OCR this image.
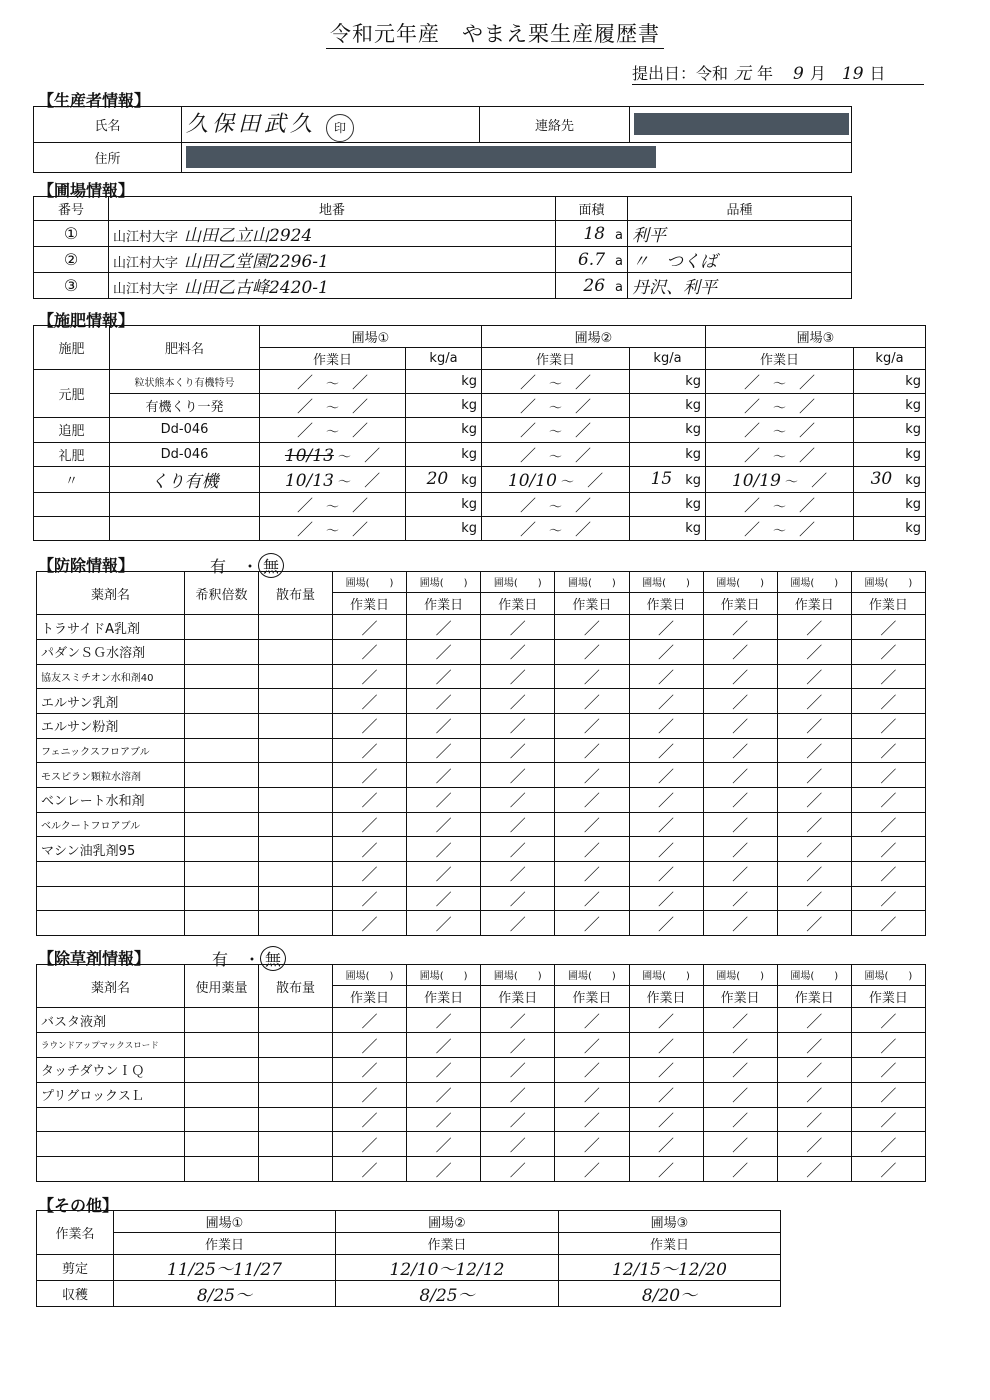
令和元年産　やまえ栗生産履歴書
提出日：令和 元 年 9 月 19 日
【生産者情報】
氏名	久保田武久 印	連絡先	
住所			
【圃場情報】
番号	地番	面積	品種
①	山江村大字 山田乙立山2924	18 a	利平
②	山江村大字 山田乙堂園2296-1	6.7 a	〃　つくば
③	山江村大字 山田乙古峰2420-1	26 a	丹沢、利平
【施肥情報】
施肥	肥料名	圃場①		圃場②		圃場③	
		作業日	kg/a	作業日	kg/a	作業日	kg/a
元肥	粒状熊本くり有機特号	／　 ～　 ／	kg	／　 ～　 ／	kg	／　 ～　 ／	kg
	有機くり一発	／　 ～　 ／	kg	／　 ～　 ／	kg	／　 ～　 ／	kg
追肥	Dd-046	／　 ～　 ／	kg	／　 ～　 ／	kg	／　 ～　 ／	kg
礼肥	Dd-046	10/13 ～　 ／	kg	／　 ～　 ／	kg	／　 ～　 ／	kg
〃	くり有機	10/13 ～　 ／	20　 kg	10/10 ～　 ／	15　 kg	10/19 ～　 ／	30　 kg
		／　 ～　 ／	kg	／　 ～　 ／	kg	／　 ～　 ／	kg
		／　 ～　 ／	kg	／　 ～　 ／	kg	／　 ～　 ／	kg
【防除情報】	有　・ 無
薬剤名	希釈倍数	散布量	圃場(　　)	圃場(　　)	圃場(　　)	圃場(　　)	圃場(　　)	圃場(　　)	圃場(　　)	圃場(　　)
			作業日	作業日	作業日	作業日	作業日	作業日	作業日	作業日
トラサイドA乳剤			／	／	／	／	／	／	／	／
パダンＳＧ水溶剤			／	／	／	／	／	／	／	／
協友スミチオン水和剤40			／	／	／	／	／	／	／	／
エルサン乳剤			／	／	／	／	／	／	／	／
エルサン粉剤			／	／	／	／	／	／	／	／
フェニックスフロアブル			／	／	／	／	／	／	／	／
モスピラン顆粒水溶剤			／	／	／	／	／	／	／	／
ベンレート水和剤			／	／	／	／	／	／	／	／
ベルクートフロアブル			／	／	／	／	／	／	／	／
マシン油乳剤95			／	／	／	／	／	／	／	／
			／	／	／	／	／	／	／	／
			／	／	／	／	／	／	／	／
			／	／	／	／	／	／	／	／
【除草剤情報】	有　・ 無
薬剤名	使用薬量	散布量	圃場(　　)	圃場(　　)	圃場(　　)	圃場(　　)	圃場(　　)	圃場(　　)	圃場(　　)	圃場(　　)
			作業日	作業日	作業日	作業日	作業日	作業日	作業日	作業日
バスタ液剤			／	／	／	／	／	／	／	／
ラウンドアップマックスロード			／	／	／	／	／	／	／	／
タッチダウンＩＱ			／	／	／	／	／	／	／	／
プリグロックスＬ			／	／	／	／	／	／	／	／
			／	／	／	／	／	／	／	／
			／	／	／	／	／	／	／	／
			／	／	／	／	／	／	／	／
【その他】
作業名	圃場①	圃場②	圃場③
	作業日	作業日	作業日
剪定	11/25～11/27	12/10～12/12	12/15～12/20
収穫	8/25～	8/25～	8/20～
